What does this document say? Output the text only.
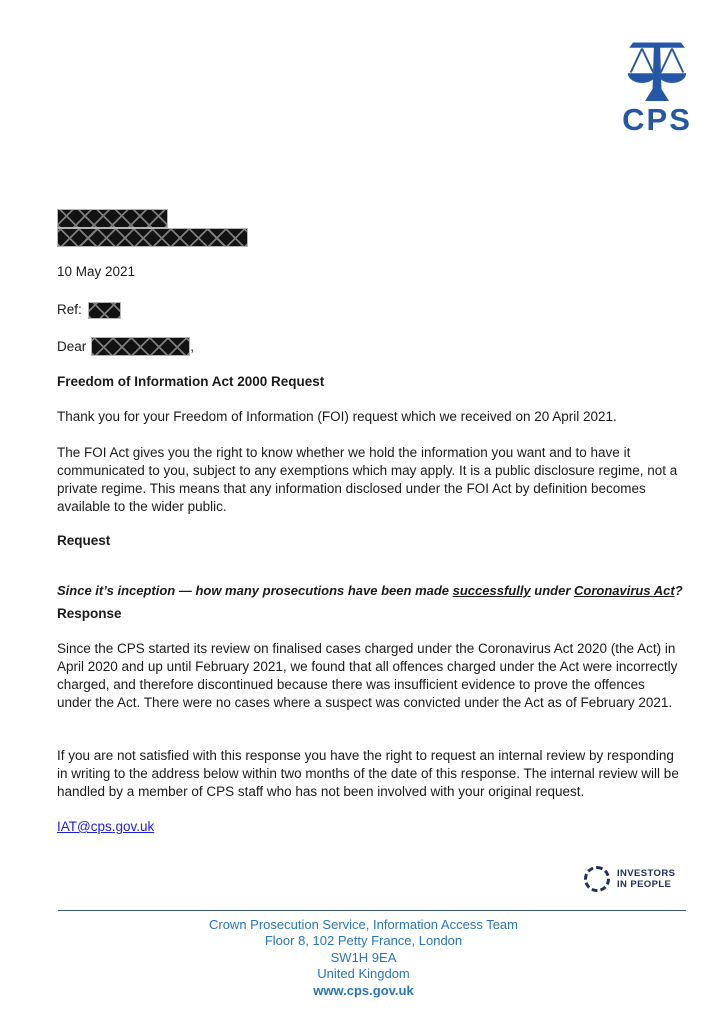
CPS
10 May 2021
Ref:
Dear	,
Freedom of Information Act 2000 Request

Thank you for your Freedom of Information (FOI) request which we received on 20 April 2021.

The FOI Act gives you the right to know whether we hold the information you want and to have it communicated to you, subject to any exemptions which may apply. It is a public disclosure regime, not a private regime. This means that any information disclosed under the FOI Act by definition becomes available to the wider public.

Request

Since it’s inception — how many prosecutions have been made successfully under Coronavirus Act?

Response

Since the CPS started its review on finalised cases charged under the Coronavirus Act 2020 (the Act) in April 2020 and up until February 2021, we found that all offences charged under the Act were incorrectly charged, and therefore discontinued because there was insufficient evidence to prove the offences under the Act. There were no cases where a suspect was convicted under the Act as of February 2021.

If you are not satisfied with this response you have the right to request an internal review by responding in writing to the address below within two months of the date of this response. The internal review will be handled by a member of CPS staff who has not been involved with your original request.

IAT@cps.gov.uk
INVESTORS
IN PEOPLE
Crown Prosecution Service, Information Access Team
Floor 8, 102 Petty France, London
SW1H 9EA
United Kingdom
www.cps.gov.uk
